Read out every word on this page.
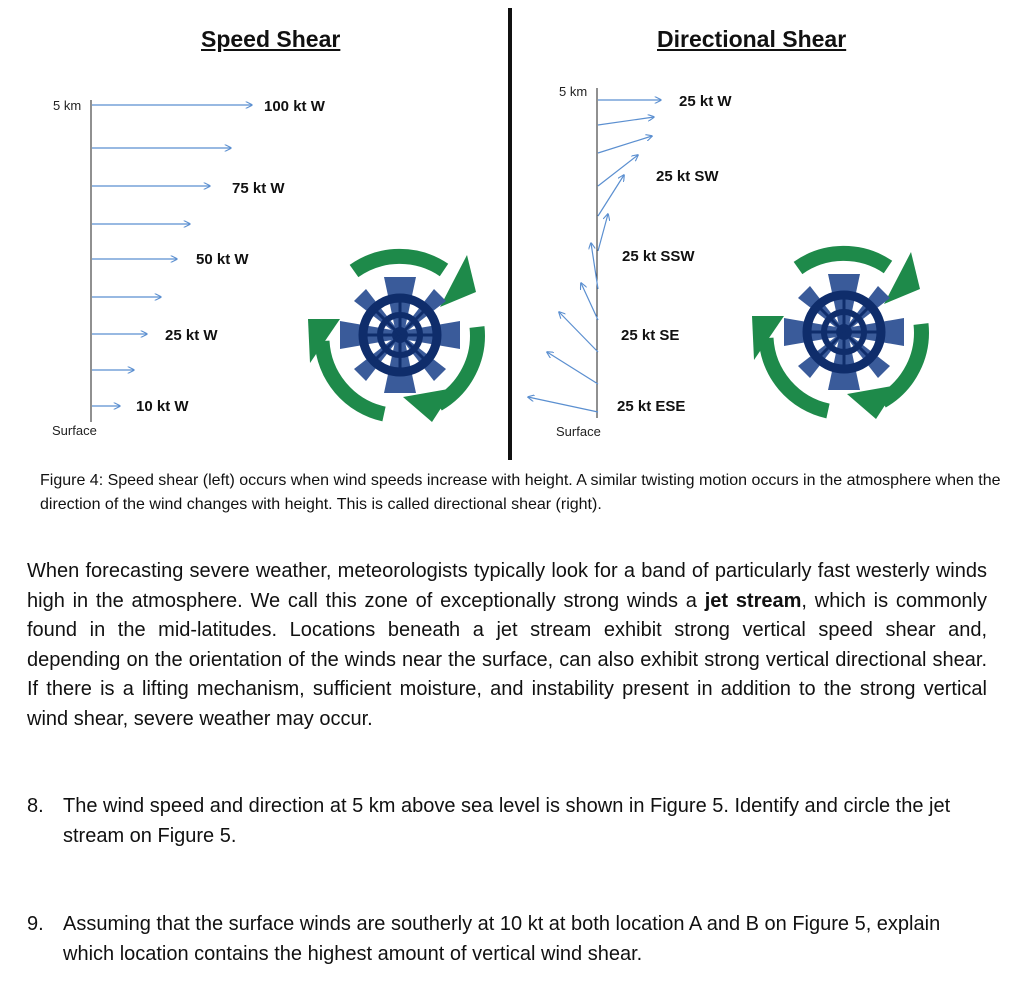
Speed Shear	Directional Shear
5 km
Surface
100 kt W
75 kt W
50 kt W
25 kt W
10 kt W
5 km
Surface
25 kt W
25 kt SW
25 kt SSW
25 kt SE
25 kt ESE

Figure 4: Speed shear (left) occurs when wind speeds increase with height. A similar twisting motion occurs in the atmosphere when the direction of the wind changes with height. This is called directional shear (right).

When forecasting severe weather, meteorologists typically look for a band of particularly fast westerly winds high in the atmosphere. We call this zone of exceptionally strong winds a jet stream, which is commonly found in the mid-latitudes. Locations beneath a jet stream exhibit strong vertical speed shear and, depending on the orientation of the winds near the surface, can also exhibit strong vertical directional shear. If there is a lifting mechanism, sufficient moisture, and instability present in addition to the strong vertical wind shear, severe weather may occur.

8. The wind speed and direction at 5 km above sea level is shown in Figure 5. Identify and circle the jet stream on Figure 5.
9. Assuming that the surface winds are southerly at 10 kt at both location A and B on Figure 5, explain which location contains the highest amount of vertical wind shear.
